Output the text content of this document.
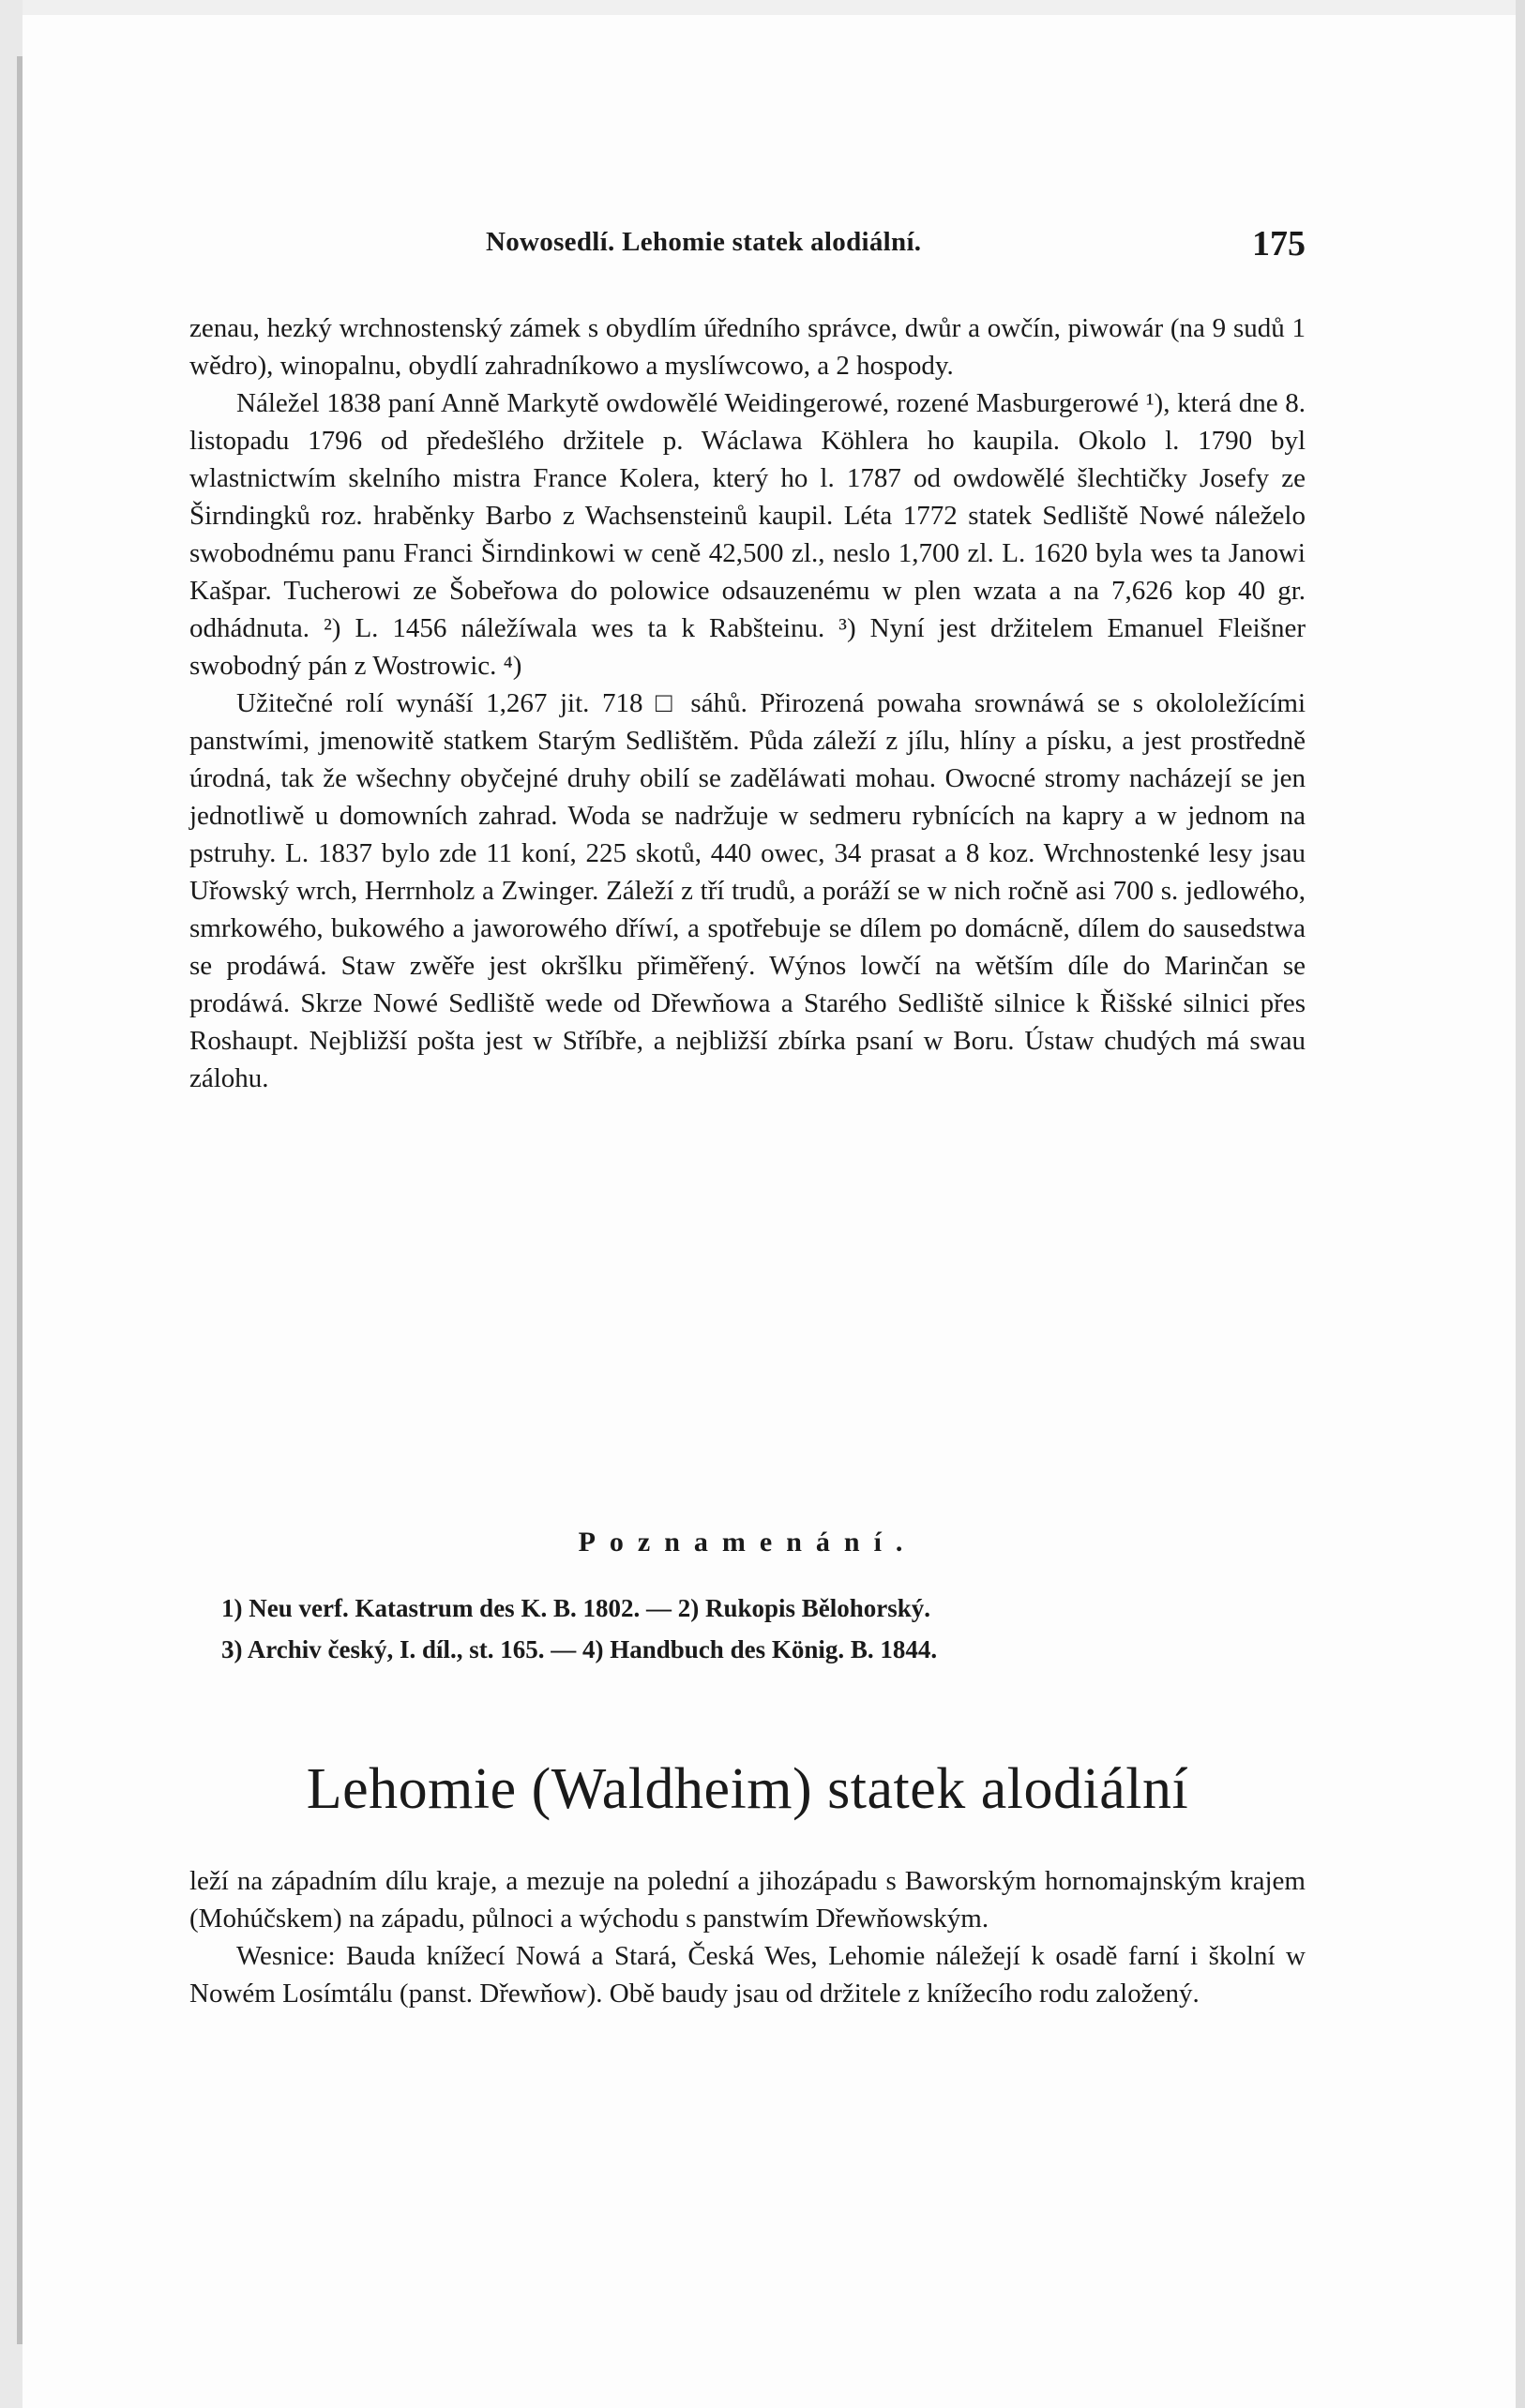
Nowosedlí. Lehomie statek alodiální.	175

zenau, hezký wrchnostenský zámek s obydlím úředního správce, dwůr a owčín, piwowár (na 9 sudů 1 wědro), winopalnu, obydlí zahradníkowo a myslíwcowo, a 2 hospody.

Náležel 1838 paní Anně Markytě owdowělé Weidingerowé, rozené Masburgerowé ¹), která dne 8. listopadu 1796 od předešlého držitele p. Wáclawa Köhlera ho kaupila. Okolo l. 1790 byl wlastnictwím skelního mistra France Kolera, který ho l. 1787 od owdowělé šlechtičky Josefy ze Širndingků roz. hraběnky Barbo z Wachsensteinů kaupil. Léta 1772 statek Sedliště Nowé náleželo swobodnému panu Franci Širndinkowi w ceně 42,500 zl., neslo 1,700 zl. L. 1620 byla wes ta Janowi Kašpar. Tucherowi ze Šobeřowa do polowice odsauzenému w plen wzata a na 7,626 kop 40 gr. odhádnuta. ²) L. 1456 náležíwala wes ta k Rabšteinu. ³) Nyní jest držitelem Emanuel Fleišner swobodný pán z Wostrowic. ⁴)

Užitečné rolí wynáší 1,267 jit. 718 □ sáhů. Přirozená powaha srownáwá se s okololežícími panstwími, jmenowitě statkem Starým Sedlištěm. Půda záleží z jílu, hlíny a písku, a jest prostředně úrodná, tak že wšechny obyčejné druhy obilí se zaděláwati mohau. Owocné stromy nacházejí se jen jednotliwě u domowních zahrad. Woda se nadržuje w sedmeru rybnících na kapry a w jednom na pstruhy. L. 1837 bylo zde 11 koní, 225 skotů, 440 owec, 34 prasat a 8 koz. Wrchnostenké lesy jsau Uřowský wrch, Herrnholz a Zwinger. Záleží z tří trudů, a poráží se w nich ročně asi 700 s. jedlowého, smrkowého, bukowého a jaworowého dříwí, a spotřebuje se dílem po domácně, dílem do sausedstwa se prodáwá. Staw zwěře jest okršlku přiměřený. Wýnos lowčí na wětším díle do Marinčan se prodáwá. Skrze Nowé Sedliště wede od Dřewňowa a Starého Sedliště silnice k Řišské silnici přes Roshaupt. Nejbližší pošta jest w Stříbře, a nejbližší zbírka psaní w Boru. Ústaw chudých má swau zálohu.

Poznamenání.
1) Neu verf. Katastrum des K. B. 1802. — 2) Rukopis Bělohorský.
3) Archiv český, I. díl., st. 165. — 4) Handbuch des König. B. 1844.
Lehomie (Waldheim) statek alodiální

leží na západním dílu kraje, a mezuje na polední a jihozápadu s Baworským hornomajnským krajem (Mohúčskem) na západu, půlnoci a wýchodu s panstwím Dřewňowským.

Wesnice: Bauda knížecí Nowá a Stará, Česká Wes, Lehomie náležejí k osadě farní i školní w Nowém Losímtálu (panst. Dřewňow). Obě baudy jsau od držitele z knížecího rodu založený.
